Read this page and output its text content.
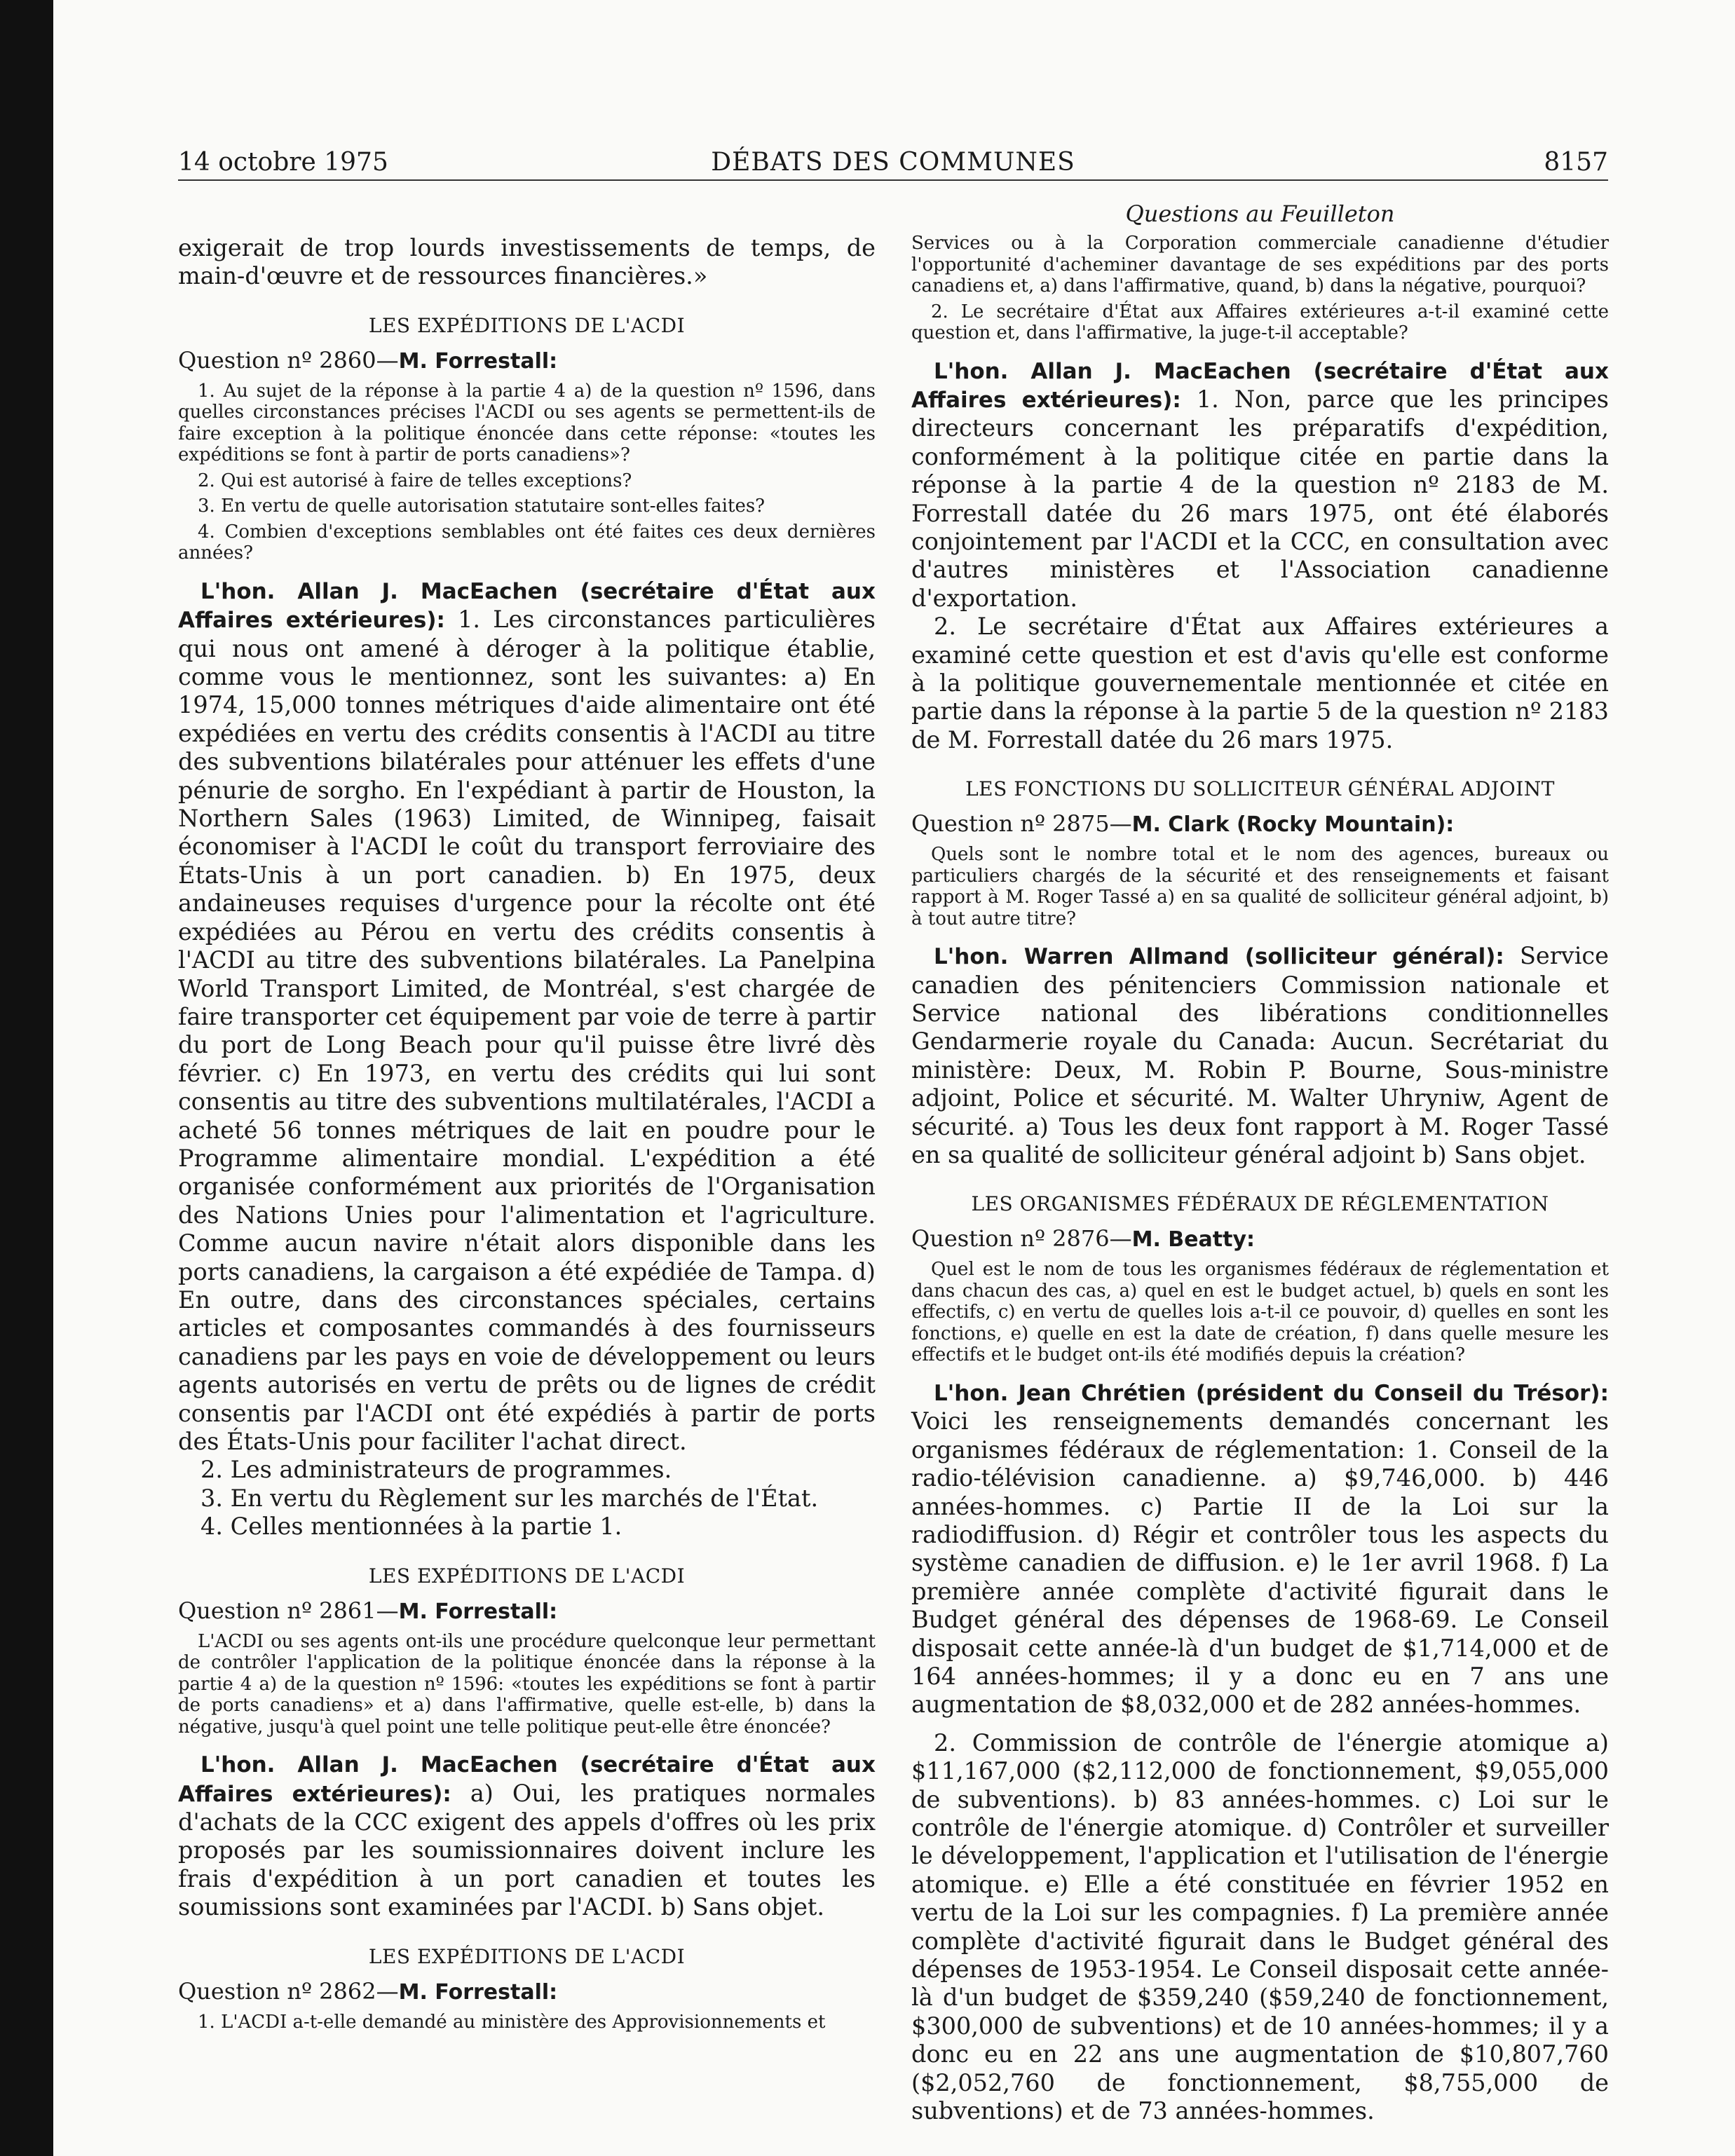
14 octobre 1975	DÉBATS DES COMMUNES	8157

exigerait de trop lourds investissements de temps, de main-d'œuvre et de ressources financières.»

LES EXPÉDITIONS DE L'ACDI
Question nº 2860—M. Forrestall:

1. Au sujet de la réponse à la partie 4 a) de la question nº 1596, dans quelles circonstances précises l'ACDI ou ses agents se permettent-ils de faire exception à la politique énoncée dans cette réponse: «toutes les expéditions se font à partir de ports canadiens»?

2. Qui est autorisé à faire de telles exceptions?

3. En vertu de quelle autorisation statutaire sont-elles faites?

4. Combien d'exceptions semblables ont été faites ces deux dernières années?

L'hon. Allan J. MacEachen (secrétaire d'État aux Affaires extérieures): 1. Les circonstances particulières qui nous ont amené à déroger à la politique établie, comme vous le mentionnez, sont les suivantes: a) En 1974, 15,000 tonnes métriques d'aide alimentaire ont été expédiées en vertu des crédits consentis à l'ACDI au titre des subventions bilatérales pour atténuer les effets d'une pénurie de sorgho. En l'expédiant à partir de Houston, la Northern Sales (1963) Limited, de Winnipeg, faisait économiser à l'ACDI le coût du transport ferroviaire des États-Unis à un port canadien. b) En 1975, deux andaineuses requises d'urgence pour la récolte ont été expédiées au Pérou en vertu des crédits consentis à l'ACDI au titre des subventions bilatérales. La Panelpina World Transport Limited, de Montréal, s'est chargée de faire transporter cet équipement par voie de terre à partir du port de Long Beach pour qu'il puisse être livré dès février. c) En 1973, en vertu des crédits qui lui sont consentis au titre des subventions multilatérales, l'ACDI a acheté 56 tonnes métriques de lait en poudre pour le Programme alimentaire mondial. L'expédition a été organisée conformément aux priorités de l'Organisation des Nations Unies pour l'alimentation et l'agriculture. Comme aucun navire n'était alors disponible dans les ports canadiens, la cargaison a été expédiée de Tampa. d) En outre, dans des circonstances spéciales, certains articles et composantes commandés à des fournisseurs canadiens par les pays en voie de développement ou leurs agents autorisés en vertu de prêts ou de lignes de crédit consentis par l'ACDI ont été expédiés à partir de ports des États-Unis pour faciliter l'achat direct.

2. Les administrateurs de programmes.

3. En vertu du Règlement sur les marchés de l'État.

4. Celles mentionnées à la partie 1.

LES EXPÉDITIONS DE L'ACDI
Question nº 2861—M. Forrestall:

L'ACDI ou ses agents ont-ils une procédure quelconque leur permettant de contrôler l'application de la politique énoncée dans la réponse à la partie 4 a) de la question nº 1596: «toutes les expéditions se font à partir de ports canadiens» et a) dans l'affirmative, quelle est-elle, b) dans la négative, jusqu'à quel point une telle politique peut-elle être énoncée?

L'hon. Allan J. MacEachen (secrétaire d'État aux Affaires extérieures): a) Oui, les pratiques normales d'achats de la CCC exigent des appels d'offres où les prix proposés par les soumissionnaires doivent inclure les frais d'expédition à un port canadien et toutes les soumissions sont examinées par l'ACDI. b) Sans objet.

LES EXPÉDITIONS DE L'ACDI
Question nº 2862—M. Forrestall:

1. L'ACDI a-t-elle demandé au ministère des Approvisionnements et

Questions au Feuilleton

Services ou à la Corporation commerciale canadienne d'étudier l'opportunité d'acheminer davantage de ses expéditions par des ports canadiens et, a) dans l'affirmative, quand, b) dans la négative, pourquoi?

2. Le secrétaire d'État aux Affaires extérieures a-t-il examiné cette question et, dans l'affirmative, la juge-t-il acceptable?

L'hon. Allan J. MacEachen (secrétaire d'État aux Affaires extérieures): 1. Non, parce que les principes directeurs concernant les préparatifs d'expédition, conformément à la politique citée en partie dans la réponse à la partie 4 de la question nº 2183 de M. Forrestall datée du 26 mars 1975, ont été élaborés conjointement par l'ACDI et la CCC, en consultation avec d'autres ministères et l'Association canadienne d'exportation.

2. Le secrétaire d'État aux Affaires extérieures a examiné cette question et est d'avis qu'elle est conforme à la politique gouvernementale mentionnée et citée en partie dans la réponse à la partie 5 de la question nº 2183 de M. Forrestall datée du 26 mars 1975.

LES FONCTIONS DU SOLLICITEUR GÉNÉRAL ADJOINT
Question nº 2875—M. Clark (Rocky Mountain):

Quels sont le nombre total et le nom des agences, bureaux ou particuliers chargés de la sécurité et des renseignements et faisant rapport à M. Roger Tassé a) en sa qualité de solliciteur général adjoint, b) à tout autre titre?

L'hon. Warren Allmand (solliciteur général): Service canadien des pénitenciers Commission nationale et Service national des libérations conditionnelles Gendarmerie royale du Canada: Aucun. Secrétariat du ministère: Deux, M. Robin P. Bourne, Sous-ministre adjoint, Police et sécurité. M. Walter Uhryniw, Agent de sécurité. a) Tous les deux font rapport à M. Roger Tassé en sa qualité de solliciteur général adjoint b) Sans objet.

LES ORGANISMES FÉDÉRAUX DE RÉGLEMENTATION
Question nº 2876—M. Beatty:

Quel est le nom de tous les organismes fédéraux de réglementation et dans chacun des cas, a) quel en est le budget actuel, b) quels en sont les effectifs, c) en vertu de quelles lois a-t-il ce pouvoir, d) quelles en sont les fonctions, e) quelle en est la date de création, f) dans quelle mesure les effectifs et le budget ont-ils été modifiés depuis la création?

L'hon. Jean Chrétien (président du Conseil du Trésor): Voici les renseignements demandés concernant les organismes fédéraux de réglementation: 1. Conseil de la radio-télévision canadienne. a) $9,746,000. b) 446 années-hommes. c) Partie II de la Loi sur la radiodiffusion. d) Régir et contrôler tous les aspects du système canadien de diffusion. e) le 1er avril 1968. f) La première année complète d'activité figurait dans le Budget général des dépenses de 1968-69. Le Conseil disposait cette année-là d'un budget de $1,714,000 et de 164 années-hommes; il y a donc eu en 7 ans une augmentation de $8,032,000 et de 282 années-hommes.

2. Commission de contrôle de l'énergie atomique a) $11,167,000 ($2,112,000 de fonctionnement, $9,055,000 de subventions). b) 83 années-hommes. c) Loi sur le contrôle de l'énergie atomique. d) Contrôler et surveiller le développement, l'application et l'utilisation de l'énergie atomique. e) Elle a été constituée en février 1952 en vertu de la Loi sur les compagnies. f) La première année complète d'activité figurait dans le Budget général des dépenses de 1953-1954. Le Conseil disposait cette année-là d'un budget de $359,240 ($59,240 de fonctionnement, $300,000 de subventions) et de 10 années-hommes; il y a donc eu en 22 ans une augmentation de $10,807,760 ($2,052,760 de fonctionnement, $8,755,000 de subventions) et de 73 années-hommes.
